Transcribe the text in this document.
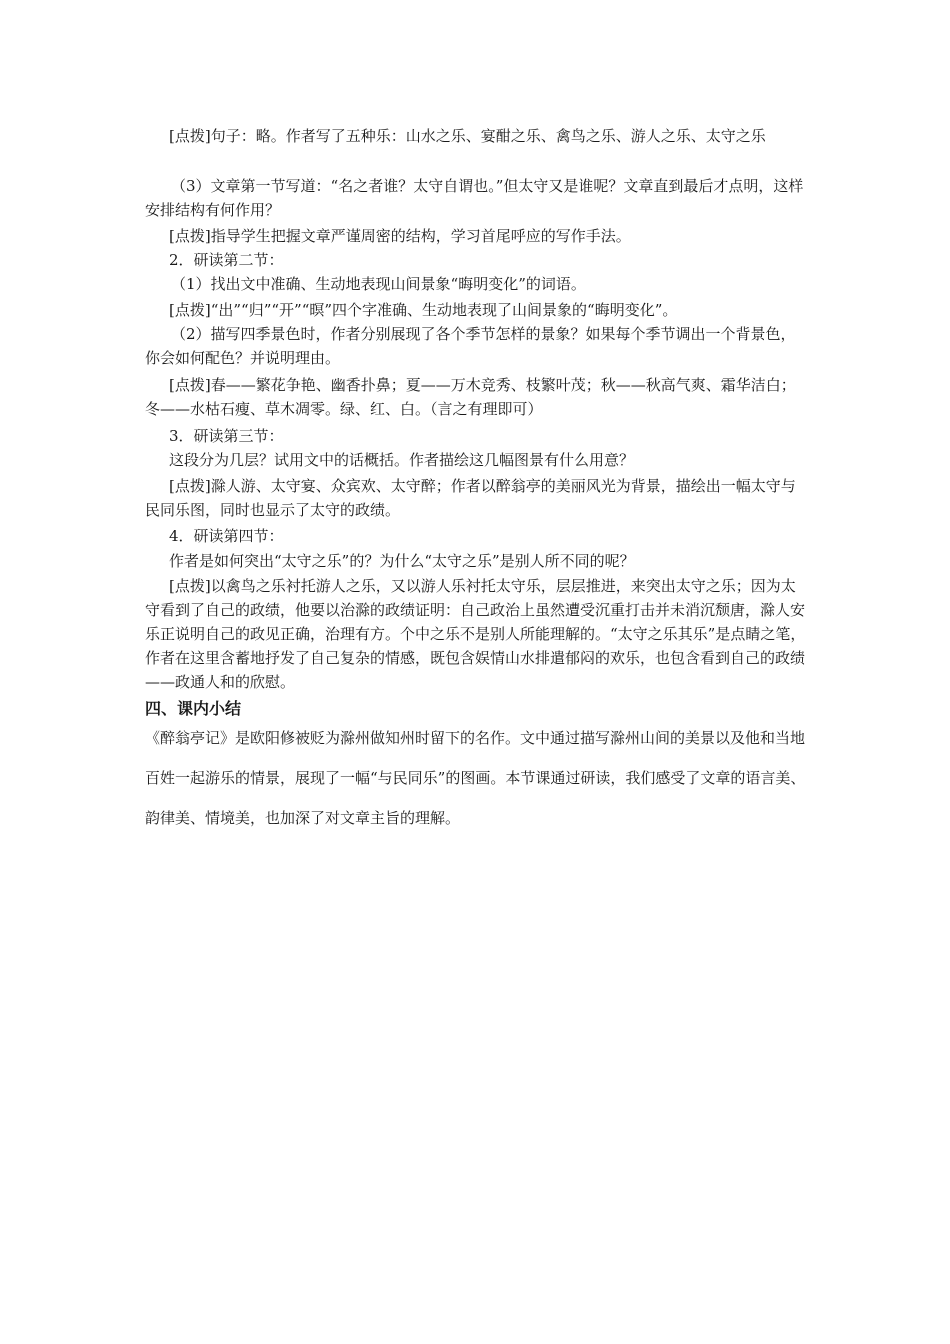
[点拨]句子：略。作者写了五种乐：山水之乐、宴酣之乐、禽鸟之乐、游人之乐、太守之乐

（3）文章第一节写道：“名之者谁？太守自谓也。”但太守又是谁呢？文章直到最后才点明，这样安排结构有何作用？

[点拨]指导学生把握文章严谨周密的结构，学习首尾呼应的写作手法。

2．研读第二节：

（1）找出文中准确、生动地表现山间景象“晦明变化”的词语。

[点拨]“出”“归”“开”“暝”四个字准确、生动地表现了山间景象的“晦明变化”。

（2）描写四季景色时，作者分别展现了各个季节怎样的景象？如果每个季节调出一个背景色，你会如何配色？并说明理由。

[点拨]春——繁花争艳、幽香扑鼻；夏——万木竞秀、枝繁叶茂；秋——秋高气爽、霜华洁白；冬——水枯石瘦、草木凋零。绿、红、白。（言之有理即可）

3．研读第三节：

这段分为几层？试用文中的话概括。作者描绘这几幅图景有什么用意？

[点拨]滁人游、太守宴、众宾欢、太守醉；作者以醉翁亭的美丽风光为背景，描绘出一幅太守与民同乐图，同时也显示了太守的政绩。

4．研读第四节：

作者是如何突出“太守之乐”的？为什么“太守之乐”是别人所不同的呢？

[点拨]以禽鸟之乐衬托游人之乐，又以游人乐衬托太守乐，层层推进，来突出太守之乐；因为太守看到了自己的政绩，他要以治滁的政绩证明：自己政治上虽然遭受沉重打击并未消沉颓唐，滁人安乐正说明自己的政见正确，治理有方。个中之乐不是别人所能理解的。“太守之乐其乐”是点睛之笔，作者在这里含蓄地抒发了自己复杂的情感，既包含娱情山水排遣郁闷的欢乐，也包含看到自己的政绩——政通人和的欣慰。

四、课内小结

《醉翁亭记》是欧阳修被贬为滁州做知州时留下的名作。文中通过描写滁州山间的美景以及他和当地百姓一起游乐的情景，展现了一幅“与民同乐”的图画。本节课通过研读，我们感受了文章的语言美、韵律美、情境美，也加深了对文章主旨的理解。
